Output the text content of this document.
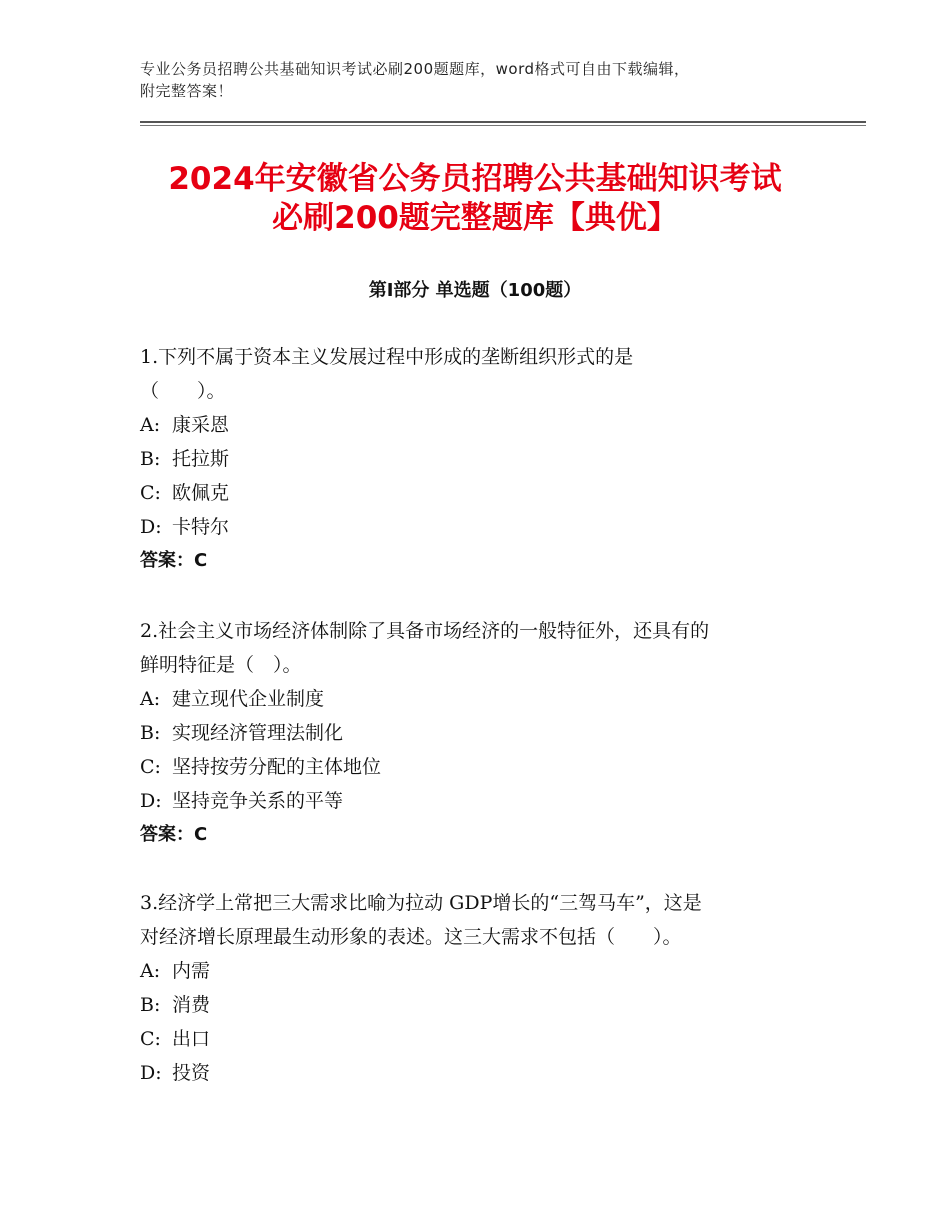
专业公务员招聘公共基础知识考试必刷200题题库，word格式可自由下载编辑，
附完整答案！
2024年安徽省公务员招聘公共基础知识考试
必刷200题完整题库【典优】
第Ⅰ部分 单选题（100题）

1.下列不属于资本主义发展过程中形成的垄断组织形式的是

（　　）。

A: 康采恩

B: 托拉斯

C: 欧佩克

D: 卡特尔

答案：C

2.社会主义市场经济体制除了具备市场经济的一般特征外，还具有的

鲜明特征是（　）。

A: 建立现代企业制度

B: 实现经济管理法制化

C: 坚持按劳分配的主体地位

D: 坚持竞争关系的平等

答案：C

3.经济学上常把三大需求比喻为拉动 GDP增长的“三驾马车”，这是

对经济增长原理最生动形象的表述。这三大需求不包括（　　）。

A: 内需

B: 消费

C: 出口

D: 投资
